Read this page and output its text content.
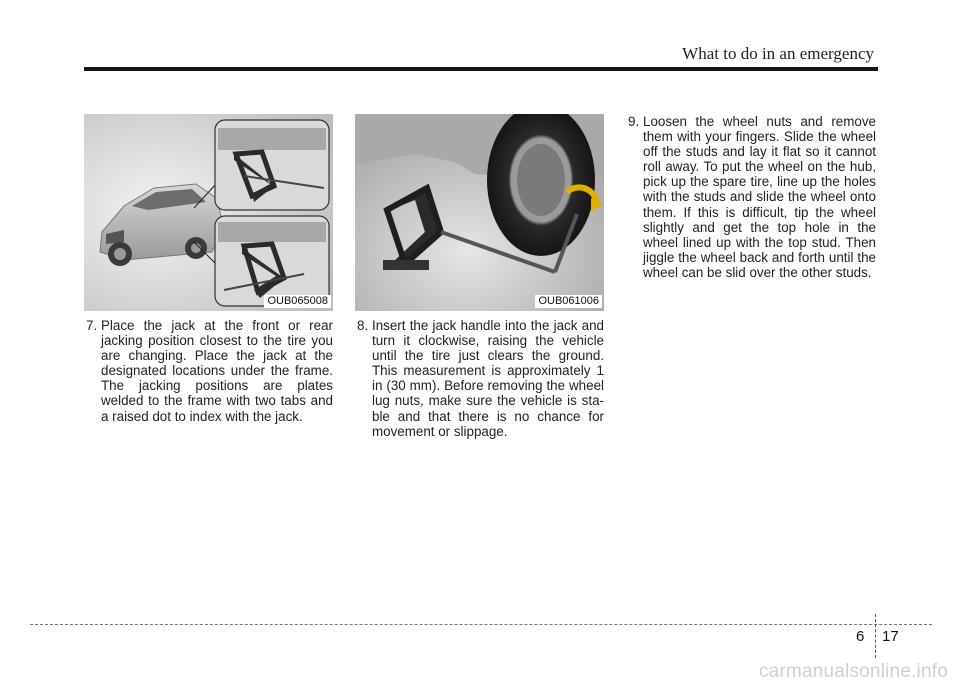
What to do in an emergency
OUB065008	OUB061006

7. Place the jack at the front or rear jacking position closest to the tire you are changing. Place the jack at the designated locations under the frame. The jacking positions are plates welded to the frame with two tabs and a raised dot to index with the jack.

8. Insert the jack handle into the jack and turn it clockwise, raising the vehicle until the tire just clears the ground. This measurement is approximately 1 in (30 mm). Before removing the wheel lug nuts, make sure the vehicle is sta-ble and that there is no chance for movement or slippage.

9. Loosen the wheel nuts and remove them with your fingers. Slide the wheel off the studs and lay it flat so it cannot roll away. To put the wheel on the hub, pick up the spare tire, line up the holes with the studs and slide the wheel onto them. If this is difficult, tip the wheel slightly and get the top hole in the wheel lined up with the top stud. Then jiggle the wheel back and forth until the wheel can be slid over the other studs.

6 17
carmanualsonline.info
